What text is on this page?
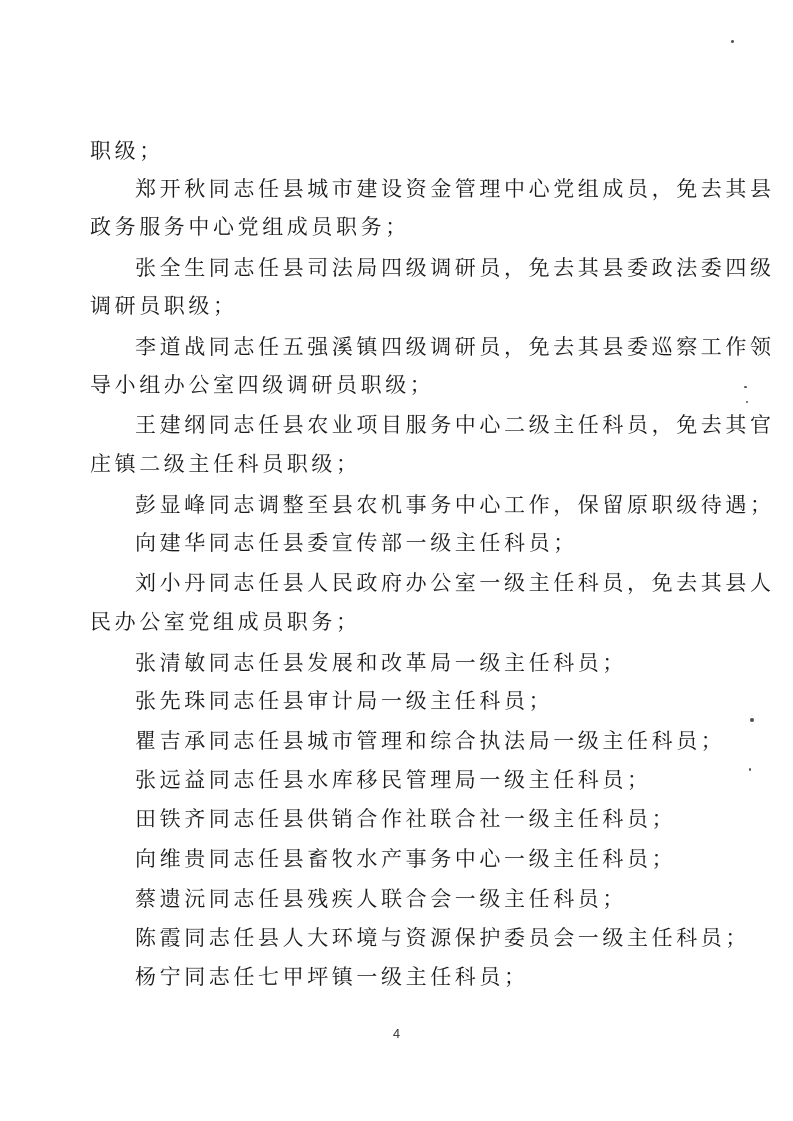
职级；
郑开秋同志任县城市建设资金管理中心党组成员，免去其县
政务服务中心党组成员职务；
张全生同志任县司法局四级调研员，免去其县委政法委四级
调研员职级；
李道战同志任五强溪镇四级调研员，免去其县委巡察工作领
导小组办公室四级调研员职级；
王建纲同志任县农业项目服务中心二级主任科员，免去其官
庄镇二级主任科员职级；
彭显峰同志调整至县农机事务中心工作，保留原职级待遇；
向建华同志任县委宣传部一级主任科员；
刘小丹同志任县人民政府办公室一级主任科员，免去其县人
民办公室党组成员职务；
张清敏同志任县发展和改革局一级主任科员；
张先珠同志任县审计局一级主任科员；
瞿吉承同志任县城市管理和综合执法局一级主任科员；
张远益同志任县水库移民管理局一级主任科员；
田铁齐同志任县供销合作社联合社一级主任科员；
向维贵同志任县畜牧水产事务中心一级主任科员；
蔡遗沅同志任县残疾人联合会一级主任科员；
陈霞同志任县人大环境与资源保护委员会一级主任科员；
杨宁同志任七甲坪镇一级主任科员；
4
